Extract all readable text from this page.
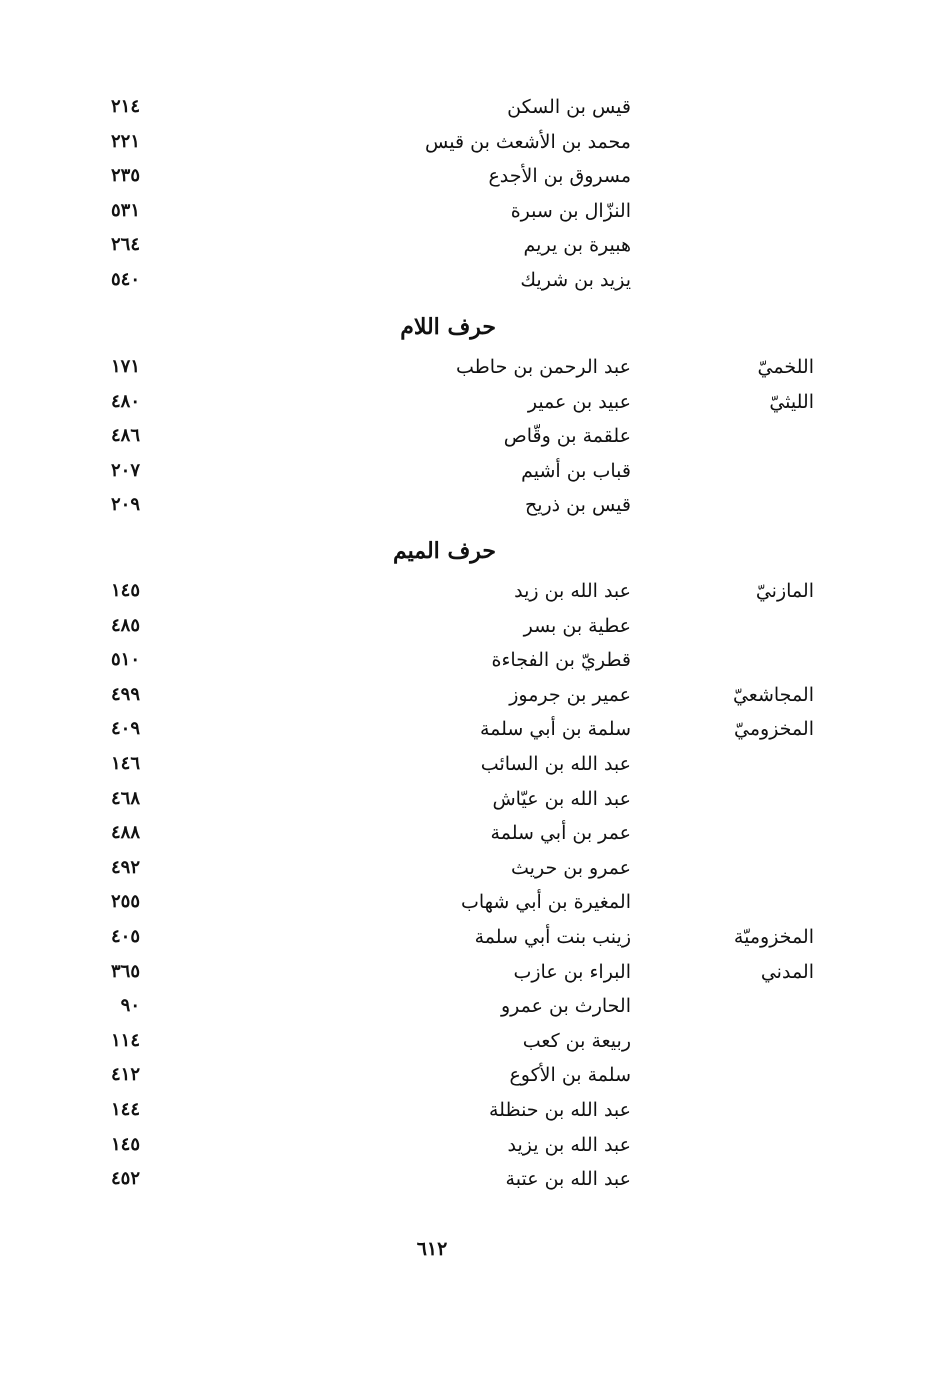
قيس بن السكن
٢١٤
محمد بن الأشعث بن قيس
٢٢١
مسروق بن الأجدع
٢٣٥
النزّال بن سبرة
٥٣١
هبيرة بن يريم
٢٦٤
يزيد بن شريك
٥٤٠
حرف اللام
اللخميّ
عبد الرحمن بن حاطب
١٧١
الليثيّ
عبيد بن عمير
٤٨٠
علقمة بن وقّاص
٤٨٦
قباب بن أشيم
٢٠٧
قيس بن ذريح
٢٠٩
حرف الميم
المازنيّ
عبد الله بن زيد
١٤٥
عطية بن بسر
٤٨٥
قطريّ بن الفجاءة
٥١٠
المجاشعيّ
عمير بن جرموز
٤٩٩
المخزوميّ
سلمة بن أبي سلمة
٤٠٩
عبد الله بن السائب
١٤٦
عبد الله بن عيّاش
٤٦٨
عمر بن أبي سلمة
٤٨٨
عمرو بن حريث
٤٩٢
المغيرة بن أبي شهاب
٢٥٥
المخزوميّة
زينب بنت أبي سلمة
٤٠٥
المدني
البراء بن عازب
٣٦٥
الحارث بن عمرو
٩٠
ربيعة بن كعب
١١٤
سلمة بن الأكوع
٤١٢
عبد الله بن حنظلة
١٤٤
عبد الله بن يزيد
١٤٥
عبد الله بن عتبة
٤٥٢
٦١٢
